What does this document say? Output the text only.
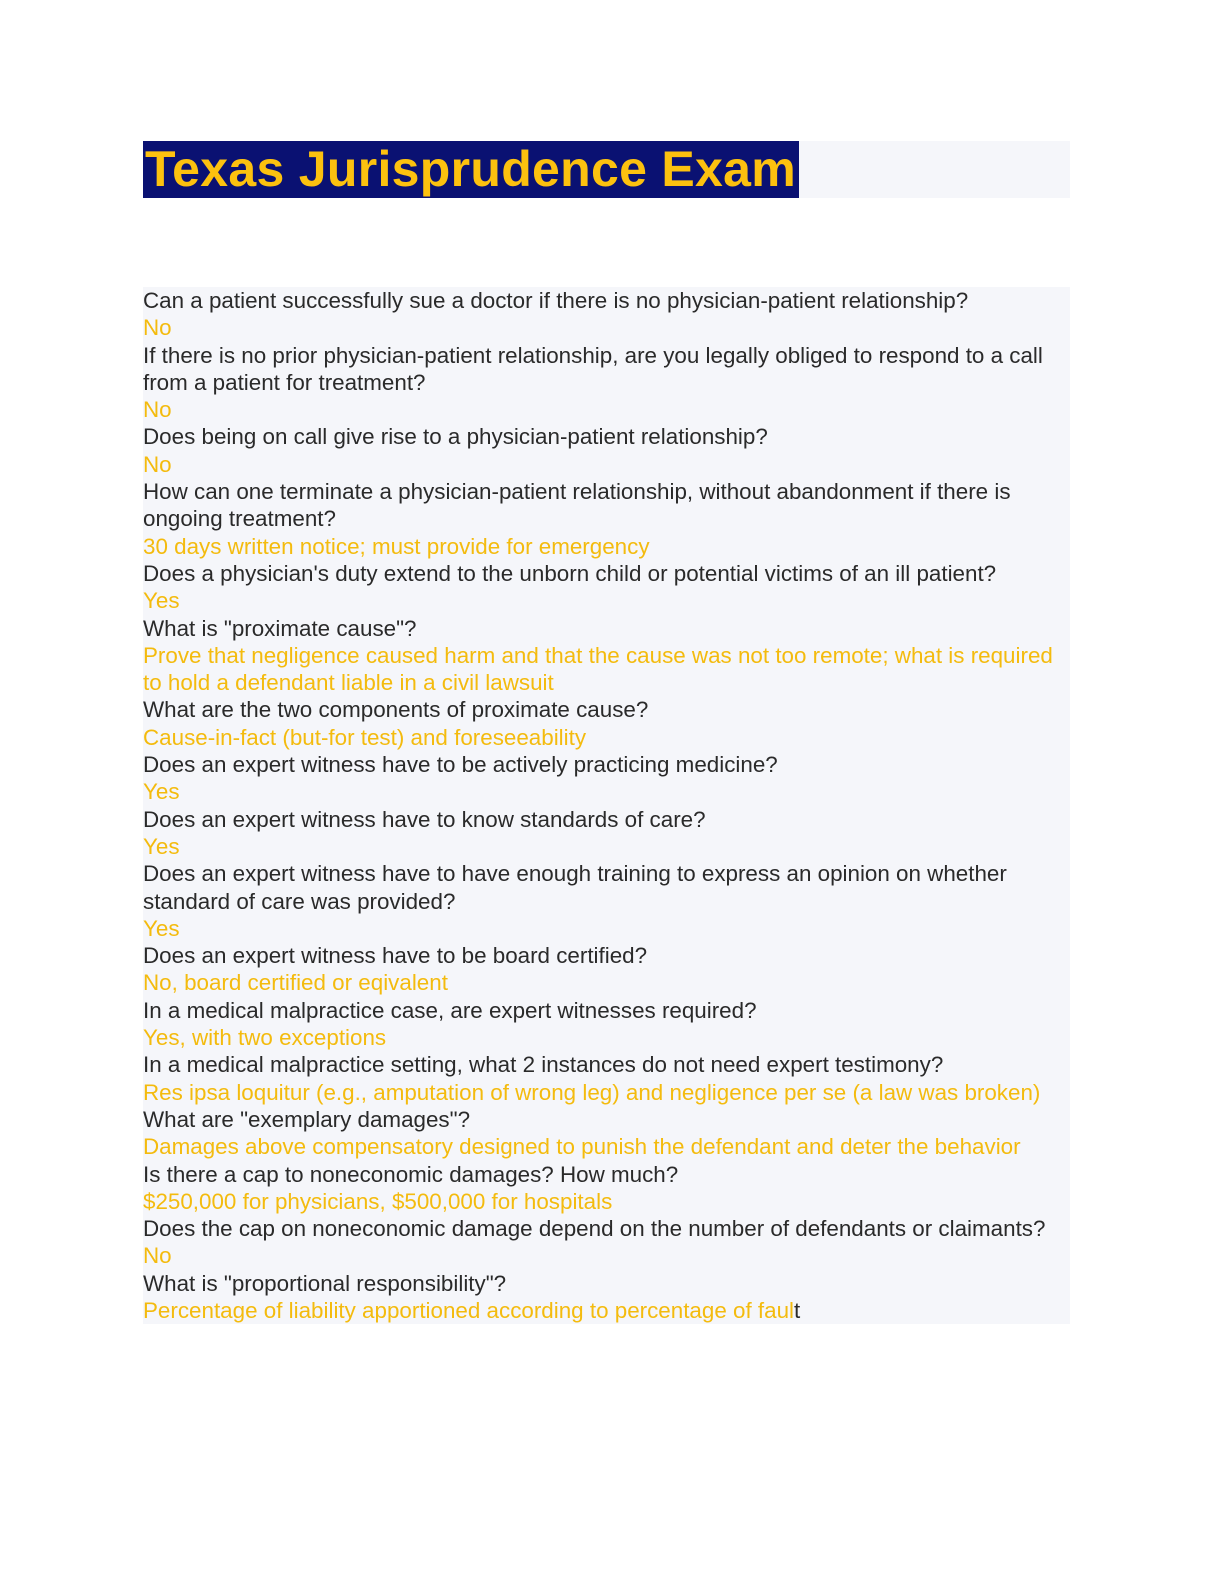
Texas Jurisprudence Exam

Can a patient successfully sue a doctor if there is no physician-patient relationship?

No

If there is no prior physician-patient relationship, are you legally obliged to respond to a call from a patient for treatment?

No

Does being on call give rise to a physician-patient relationship?

No

How can one terminate a physician-patient relationship, without abandonment if there is ongoing treatment?

30 days written notice; must provide for emergency

Does a physician's duty extend to the unborn child or potential victims of an ill patient?

Yes

What is "proximate cause"?

Prove that negligence caused harm and that the cause was not too remote; what is required to hold a defendant liable in a civil lawsuit

What are the two components of proximate cause?

Cause-in-fact (but-for test) and foreseeability

Does an expert witness have to be actively practicing medicine?

Yes

Does an expert witness have to know standards of care?

Yes

Does an expert witness have to have enough training to express an opinion on whether standard of care was provided?

Yes

Does an expert witness have to be board certified?

No, board certified or eqivalent

In a medical malpractice case, are expert witnesses required?

Yes, with two exceptions

In a medical malpractice setting, what 2 instances do not need expert testimony?

Res ipsa loquitur (e.g., amputation of wrong leg) and negligence per se (a law was broken)

What are "exemplary damages"?

Damages above compensatory designed to punish the defendant and deter the behavior

Is there a cap to noneconomic damages? How much?

$250,000 for physicians, $500,000 for hospitals

Does the cap on noneconomic damage depend on the number of defendants or claimants?

No

What is "proportional responsibility"?

Percentage of liability apportioned according to percentage of fault
